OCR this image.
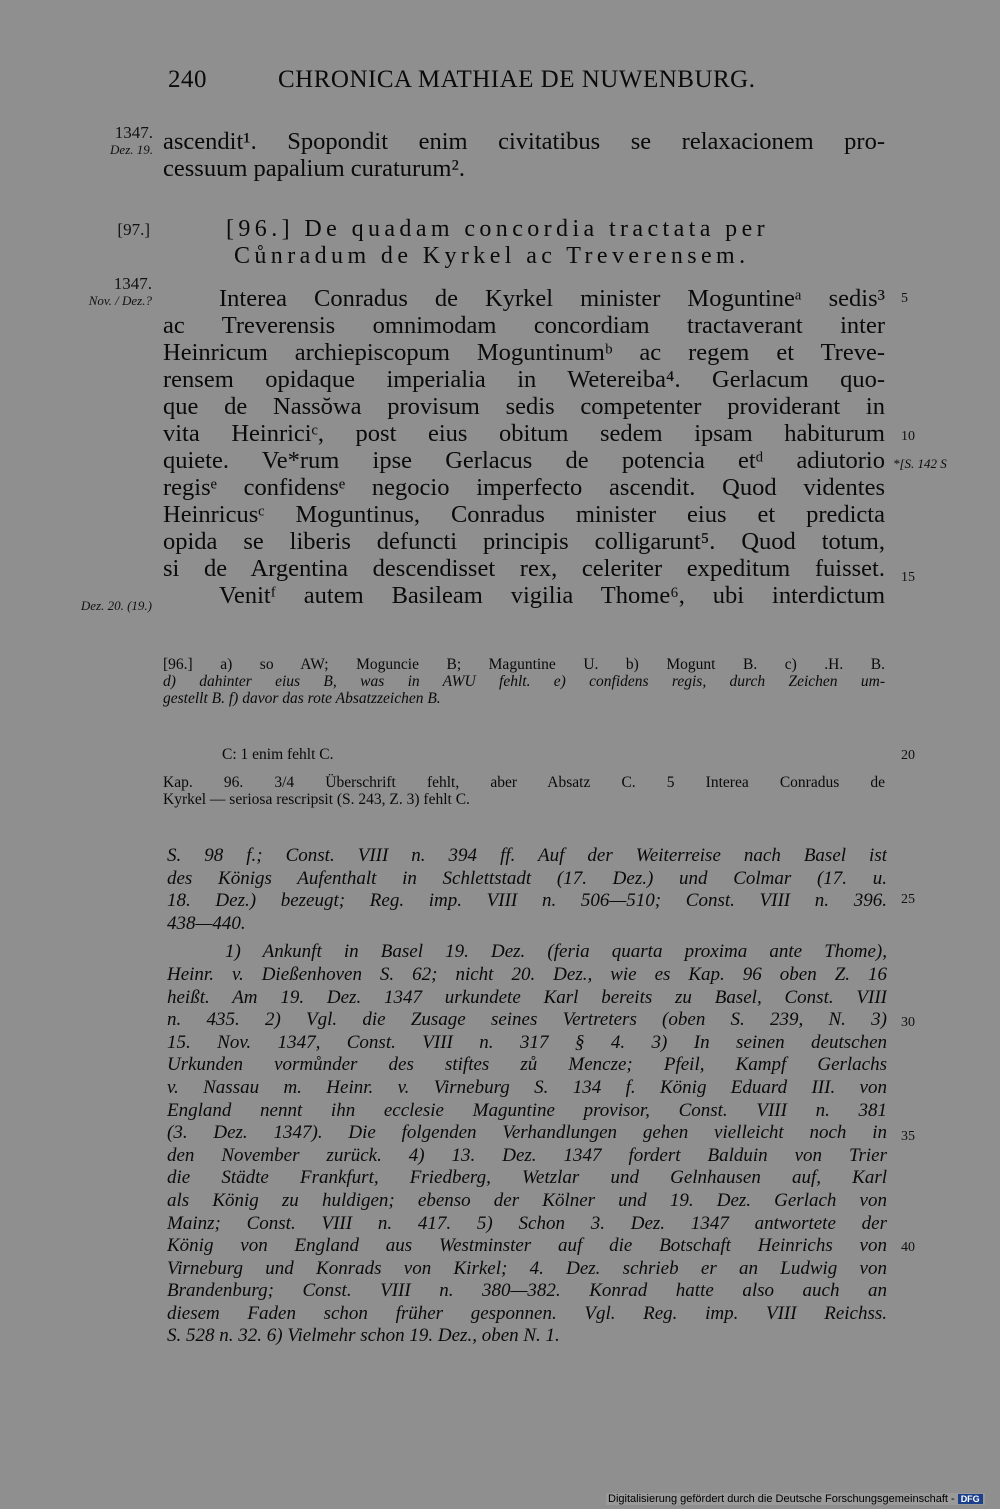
240	CHRONICA MATHIAE DE NUWENBURG.
1347.
Dez. 19.
[97.]
1347.
Nov. / Dez.?
Dez. 20. (19.)
*[S. 142 S
ascendit¹. Spopondit enim civitatibus se relaxacionem pro-
cessuum papalium curaturum².
[96.] De quadam concordia tractata per
Cůnradum de Kyrkel ac Treverensem.
Interea Conradus de Kyrkel minister Moguntineᵃ sedis³
ac Treverensis omnimodam concordiam tractaverant inter
Heinricum archiepiscopum Moguntinumᵇ ac regem et Treve-
rensem opidaque imperialia in Wetereiba⁴. Gerlacum quo-
que de Nassŏwa provisum sedis competenter providerant in
vita Heinriciᶜ, post eius obitum sedem ipsam habiturum
quiete. Ve*rum ipse Gerlacus de potencia etᵈ adiutorio
regisᵉ confidensᵉ negocio imperfecto ascendit. Quod videntes
Heinricusᶜ Moguntinus, Conradus minister eius et predicta
opida se liberis defuncti principis colligarunt⁵. Quod totum,
si de Argentina descendisset rex, celeriter expeditum fuisset.
Venitᶠ autem Basileam vigilia Thome⁶, ubi interdictum
5
10
15
20
25
30
35
40
[96.] a) so AW; Moguncie B; Maguntine U. b) Mogunt B. c) .H. B.
d) dahinter eius B, was in AWU fehlt. e) confidens regis, durch Zeichen um-
gestellt B. f) davor das rote Absatzzeichen B.
C: 1 enim fehlt C.
Kap. 96. 3/4 Überschrift fehlt, aber Absatz C. 5 Interea Conradus de
Kyrkel — seriosa rescripsit (S. 243, Z. 3) fehlt C.
S. 98 f.; Const. VIII n. 394 ff. Auf der Weiterreise nach Basel ist
des Königs Aufenthalt in Schlettstadt (17. Dez.) und Colmar (17. u.
18. Dez.) bezeugt; Reg. imp. VIII n. 506—510; Const. VIII n. 396.
438—440.
1) Ankunft in Basel 19. Dez. (feria quarta proxima ante Thome),
Heinr. v. Dießenhoven S. 62; nicht 20. Dez., wie es Kap. 96 oben Z. 16
heißt. Am 19. Dez. 1347 urkundete Karl bereits zu Basel, Const. VIII
n. 435. 2) Vgl. die Zusage seines Vertreters (oben S. 239, N. 3)
15. Nov. 1347, Const. VIII n. 317 § 4. 3) In seinen deutschen
Urkunden vormůnder des stiftes zů Mencze; Pfeil, Kampf Gerlachs
v. Nassau m. Heinr. v. Virneburg S. 134 f. König Eduard III. von
England nennt ihn ecclesie Maguntine provisor, Const. VIII n. 381
(3. Dez. 1347). Die folgenden Verhandlungen gehen vielleicht noch in
den November zurück. 4) 13. Dez. 1347 fordert Balduin von Trier
die Städte Frankfurt, Friedberg, Wetzlar und Gelnhausen auf, Karl
als König zu huldigen; ebenso der Kölner und 19. Dez. Gerlach von
Mainz; Const. VIII n. 417. 5) Schon 3. Dez. 1347 antwortete der
König von England aus Westminster auf die Botschaft Heinrichs von
Virneburg und Konrads von Kirkel; 4. Dez. schrieb er an Ludwig von
Brandenburg; Const. VIII n. 380—382. Konrad hatte also auch an
diesem Faden schon früher gesponnen. Vgl. Reg. imp. VIII Reichss.
S. 528 n. 32. 6) Vielmehr schon 19. Dez., oben N. 1.
Digitalisierung gefördert durch die Deutsche Forschungsgemeinschaft - DFG
